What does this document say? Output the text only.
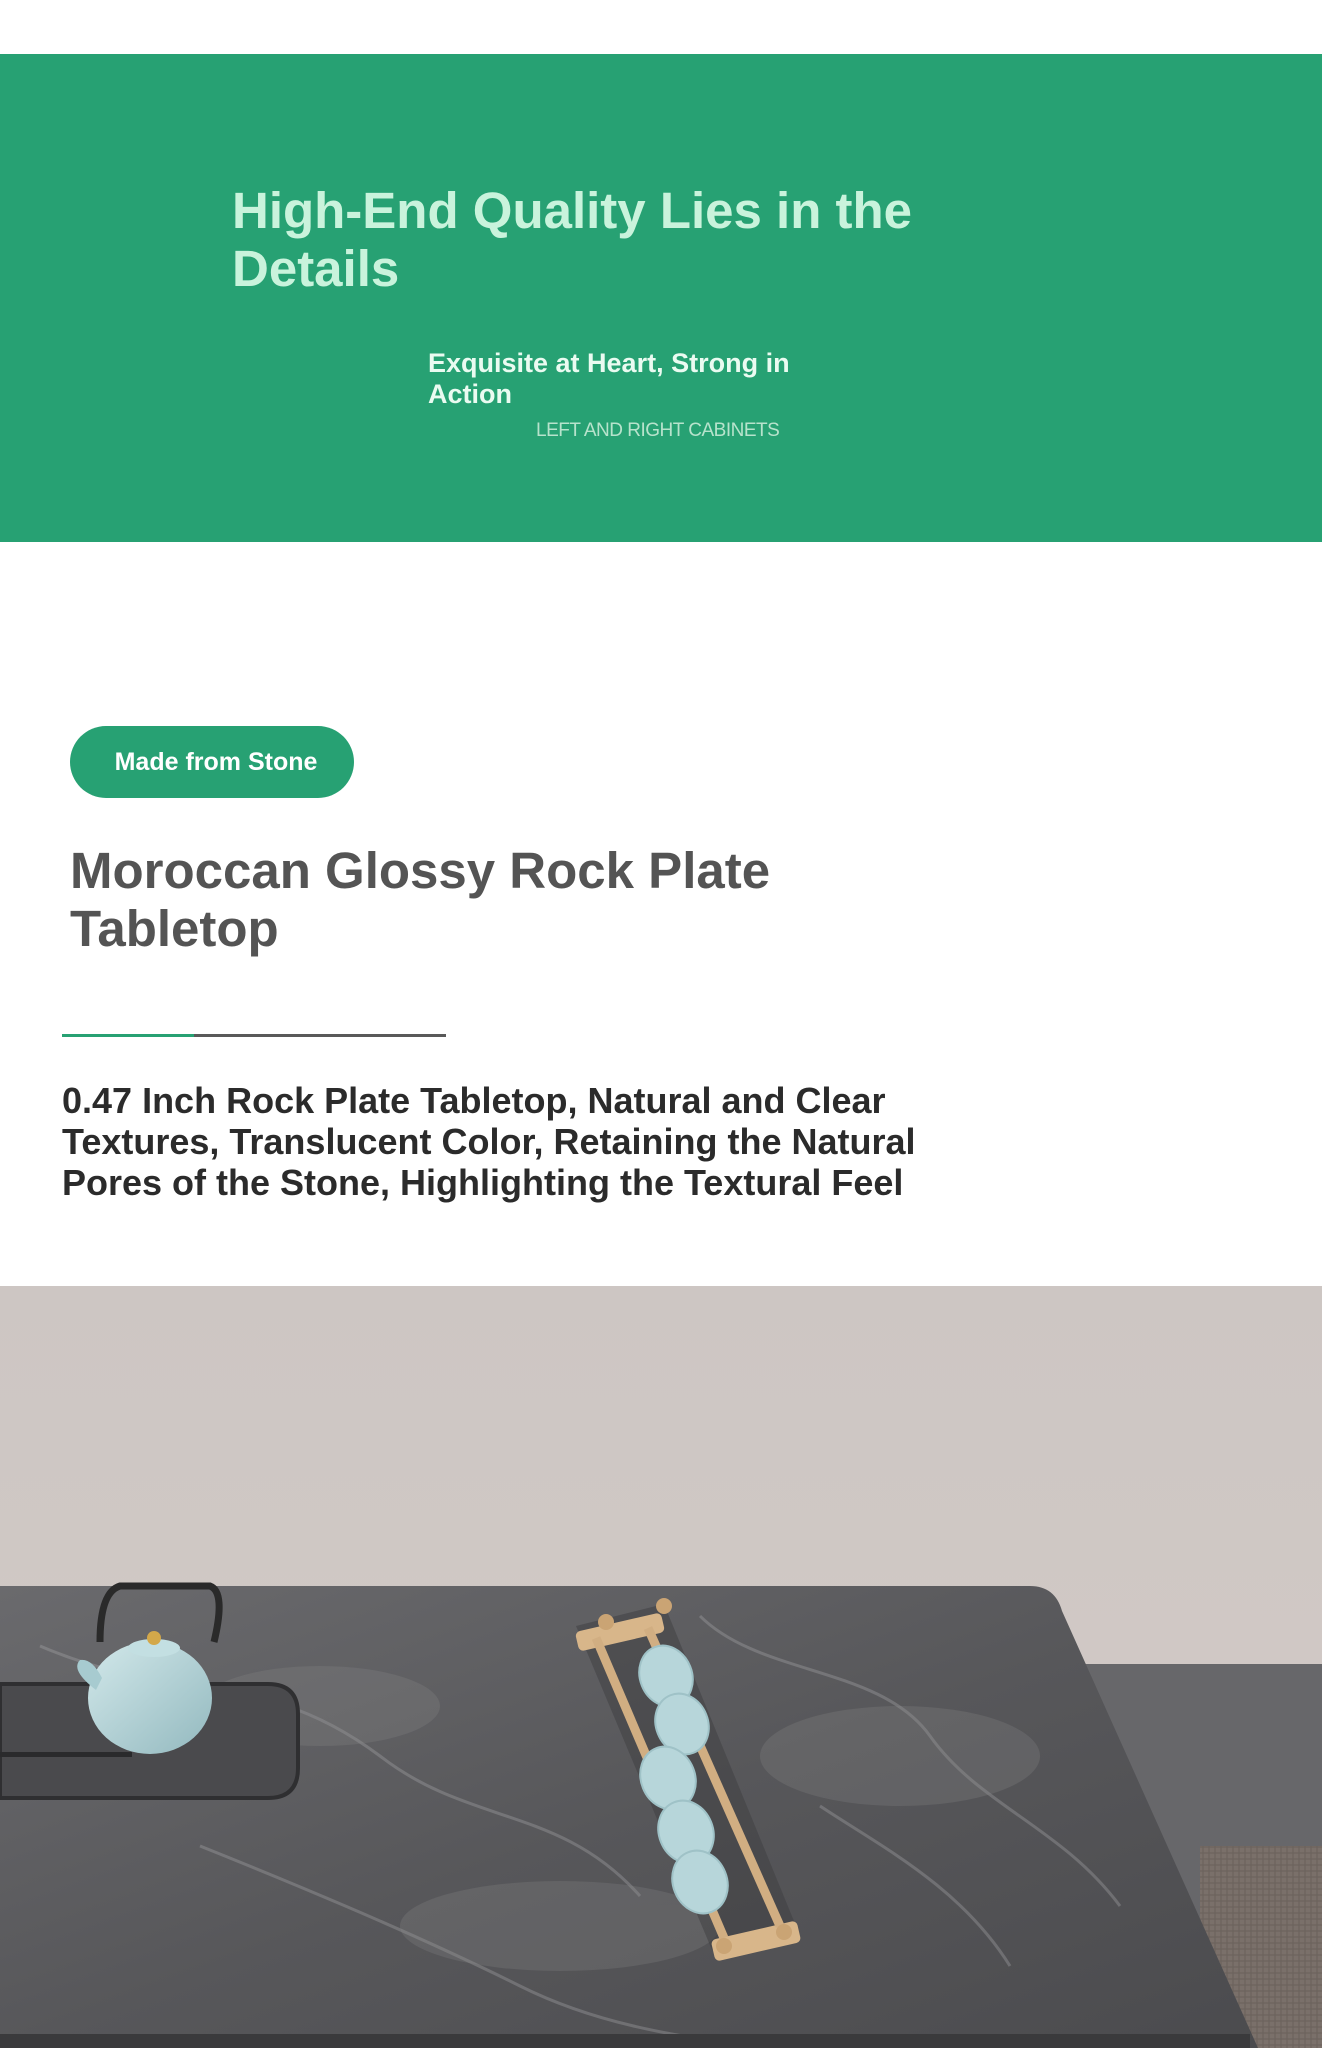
High-End Quality Lies in the Details
Exquisite at Heart, Strong in Action
LEFT AND RIGHT CABINETS
Made from Stone
Moroccan Glossy Rock Plate Tabletop

0.47 Inch Rock Plate Tabletop, Natural and Clear Textures, Translucent Color, Retaining the Natural Pores of the Stone, Highlighting the Textural Feel
